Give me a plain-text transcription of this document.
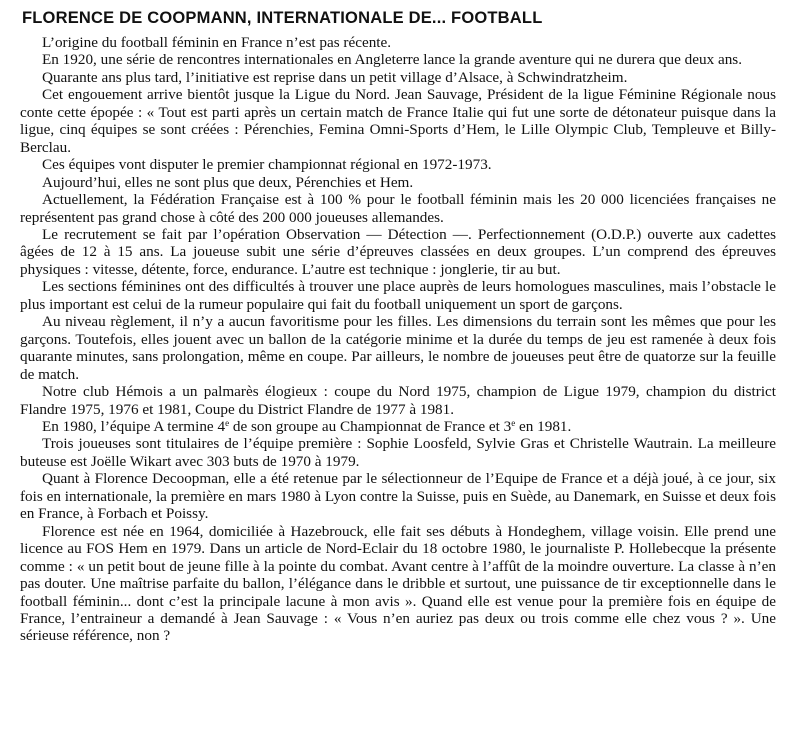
FLORENCE DE COOPMANN, INTERNATIONALE DE... FOOTBALL

L’origine du football féminin en France n’est pas récente.

En 1920, une série de rencontres internationales en Angleterre lance la grande aventure qui ne durera que deux ans.

Quarante ans plus tard, l’initiative est reprise dans un petit village d’Alsace, à Schwindratzheim.

Cet engouement arrive bientôt jusque la Ligue du Nord. Jean Sauvage, Président de la ligue Féminine Régionale nous conte cette épopée : « Tout est parti après un certain match de France Italie qui fut une sorte de détonateur puisque dans la ligue, cinq équipes se sont créées : Pérenchies, Femina Omni-Sports d’Hem, le Lille Olympic Club, Templeuve et Billy-Berclau.

Ces équipes vont disputer le premier championnat régional en 1972-1973.

Aujourd’hui, elles ne sont plus que deux, Pérenchies et Hem.

Actuellement, la Fédération Française est à 100 % pour le football féminin mais les 20 000 licenciées françaises ne représentent pas grand chose à côté des 200 000 joueuses allemandes.

Le recrutement se fait par l’opération Observation — Détection —. Perfectionnement (O.D.P.) ouverte aux cadettes âgées de 12 à 15 ans. La joueuse subit une série d’épreuves classées en deux groupes. L’un comprend des épreuves physiques : vitesse, détente, force, endurance. L’autre est technique : jonglerie, tir au but.

Les sections féminines ont des difficultés à trouver une place auprès de leurs homologues masculines, mais l’obstacle le plus important est celui de la rumeur populaire qui fait du football uniquement un sport de garçons.

Au niveau règlement, il n’y a aucun favoritisme pour les filles. Les dimensions du terrain sont les mêmes que pour les garçons. Toutefois, elles jouent avec un ballon de la catégorie minime et la durée du temps de jeu est ramenée à deux fois quarante minutes, sans prolongation, même en coupe. Par ailleurs, le nombre de joueuses peut être de quatorze sur la feuille de match.

Notre club Hémois a un palmarès élogieux : coupe du Nord 1975, champion de Ligue 1979, champion du district Flandre 1975, 1976 et 1981, Coupe du District Flandre de 1977 à 1981.

En 1980, l’équipe A termine 4e de son groupe au Championnat de France et 3e en 1981.

Trois joueuses sont titulaires de l’équipe première : Sophie Loosfeld, Sylvie Gras et Christelle Wautrain. La meilleure buteuse est Joëlle Wikart avec 303 buts de 1970 à 1979.

Quant à Florence Decoopman, elle a été retenue par le sélectionneur de l’Equipe de France et a déjà joué, à ce jour, six fois en internationale, la première en mars 1980 à Lyon contre la Suisse, puis en Suède, au Danemark, en Suisse et deux fois en France, à Forbach et Poissy.

Florence est née en 1964, domiciliée à Hazebrouck, elle fait ses débuts à Hondeghem, village voisin. Elle prend une licence au FOS Hem en 1979. Dans un article de Nord-Eclair du 18 octobre 1980, le journaliste P. Hollebecque la présente comme : « un petit bout de jeune fille à la pointe du combat. Avant centre à l’affût de la moindre ouverture. La classe à n’en pas douter. Une maîtrise parfaite du ballon, l’élégance dans le dribble et surtout, une puissance de tir exceptionnelle dans le football féminin... dont c’est la principale lacune à mon avis ». Quand elle est venue pour la première fois en équipe de France, l’entraineur a demandé à Jean Sauvage : « Vous n’en auriez pas deux ou trois comme elle chez vous ? ». Une sérieuse référence, non ?
